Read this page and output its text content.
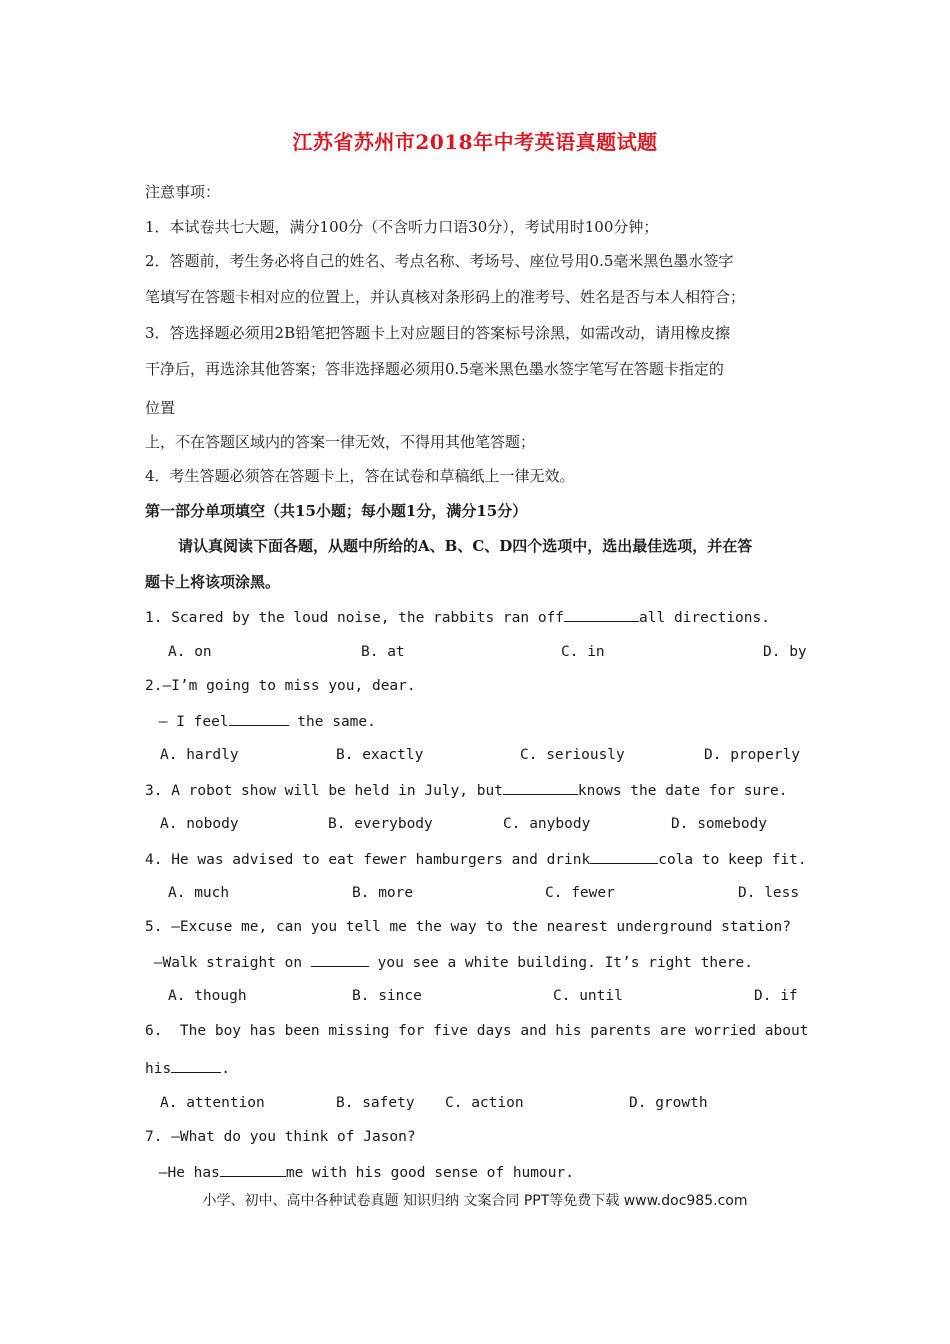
江苏省苏州市2018年中考英语真题试题
注意事项：
1．本试卷共七大题，满分100分（不含听力口语30分），考试用时100分钟；
2．答题前，考生务必将自己的姓名、考点名称、考场号、座位号用0.5毫米黑色墨水签字
笔填写在答题卡相对应的位置上，并认真核对条形码上的准考号、姓名是否与本人相符合；
3．答选择题必须用2B铅笔把答题卡上对应题目的答案标号涂黑，如需改动，请用橡皮擦
干净后，再选涂其他答案；答非选择题必须用0.5毫米黑色墨水签字笔写在答题卡指定的
位置
上，不在答题区域内的答案一律无效，不得用其他笔答题；
4．考生答题必须答在答题卡上，答在试卷和草稿纸上一律无效。
第一部分单项填空（共15小题；每小题1分，满分15分）
请认真阅读下面各题，从题中所给的A、B、C、D四个选项中，选出最佳选项，并在答
题卡上将该项涂黑。
1. Scared by the loud noise, the rabbits ran off	all directions.
A. on	B. at	C. in	D. by
2.—I’m going to miss you, dear.
— I feel	the same.
A. hardly	B. exactly	C. seriously	D. properly
3. A robot show will be held in July, but	knows the date for sure.
A. nobody	B. everybody	C. anybody	D. somebody
4. He was advised to eat fewer hamburgers and drink	cola to keep fit.
A. much	B. more	C. fewer	D. less
5. —Excuse me, can you tell me the way to the nearest underground station?
—Walk straight on	you see a white building. It’s right there.
A. though	B. since	C. until	D. if
6.  The boy has been missing for five days and his parents are worried about
his	.
A. attention	B. safety C. action	D. growth
7. —What do you think of Jason?
—He has	me with his good sense of humour.
小学、初中、高中各种试卷真题 知识归纳 文案合同 PPT等免费下载 www.doc985.com
